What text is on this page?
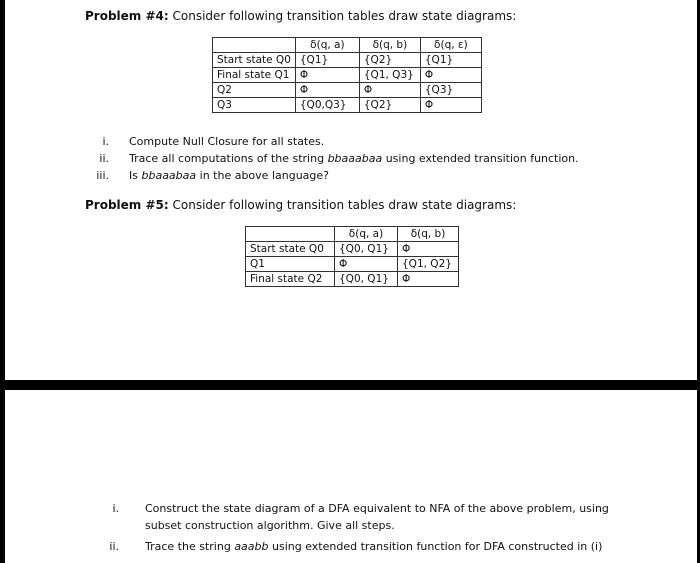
Problem #4: Consider following transition tables draw state diagrams:
	δ(q, a)	δ(q, b)	δ(q, ε)
Start state Q0	{Q1}	{Q2}	{Q1}
Final state Q1	Φ	{Q1, Q3}	Φ
Q2	Φ	Φ	{Q3}
Q3	{Q0,Q3}	{Q2}	Φ
i. Compute Null Closure for all states.
ii. Trace all computations of the string bbaaabaa using extended transition function.
iii. Is bbaaabaa in the above language?
Problem #5: Consider following transition tables draw state diagrams:
	δ(q, a)	δ(q, b)
Start state Q0	{Q0, Q1}	Φ
Q1	Φ	{Q1, Q2}
Final state Q2	{Q0, Q1}	Φ
i. Construct the state diagram of a DFA equivalent to NFA of the above problem, using subset construction algorithm. Give all steps.
ii. Trace the string aaabb using extended transition function for DFA constructed in (i)
